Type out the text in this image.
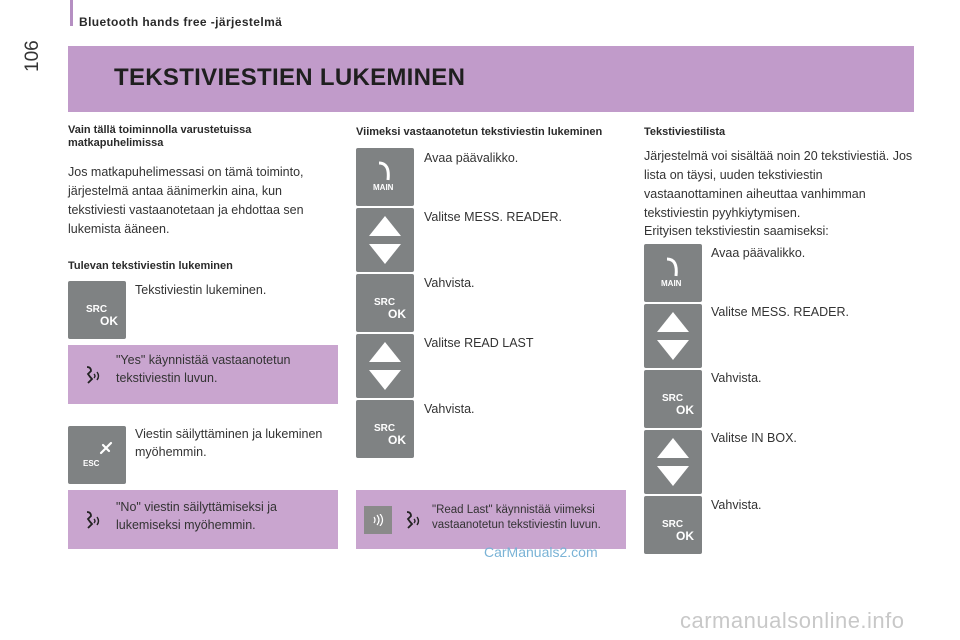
Bluetooth hands free -järjestelmä
106
TEKSTIVIESTIEN LUKEMINEN
Vain tällä toiminnolla varustetuissa matkapuhelimissa
Jos matkapuhelimessasi on tämä toiminto, järjestelmä antaa äänimerkin aina, kun tekstiviesti vastaanotetaan ja ehdottaa sen lukemista ääneen.
Tulevan tekstiviestin lukeminen
SRC
OK
Tekstiviestin lukeminen.
"Yes" käynnistää vastaanotetun tekstiviestin luvun.
ESC
Viestin säilyttäminen ja lukeminen myöhemmin.
"No" viestin säilyttämiseksi ja lukemiseksi myöhemmin.
Viimeksi vastaanotetun tekstiviestin lukeminen
MAIN
Avaa päävalikko.
Valitse MESS. READER.
SRC
OK
Vahvista.
Valitse READ LAST
SRC
OK
Vahvista.
"Read Last" käynnistää viimeksi vastaanotetun tekstiviestin luvun.
CarManuals2.com
Tekstiviestilista
Järjestelmä voi sisältää noin 20 tekstiviestiä. Jos lista on täysi, uuden tekstiviestin vastaanottaminen aiheuttaa vanhimman tekstiviestin pyyhkiytymisen.
Erityisen tekstiviestin saamiseksi:
MAIN
Avaa päävalikko.
Valitse MESS. READER.
SRC
OK
Vahvista.
Valitse IN BOX.
SRC
OK
Vahvista.
carmanualsonline.info
